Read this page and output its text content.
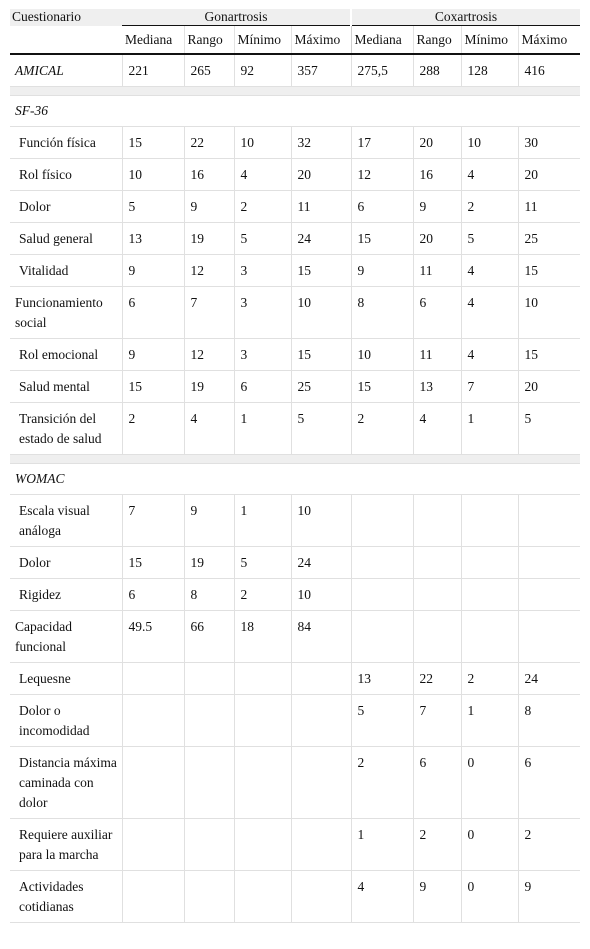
Cuestionario	Gonartrosis				Coxartrosis			
	Mediana	Rango	Mínimo	Máximo	Mediana	Rango	Mínimo	Máximo
AMICAL	221	265	92	357	275,5	288	128	416

SF-36								
Función física	15	22	10	32	17	20	10	30
Rol físico	10	16	4	20	12	16	4	20
Dolor	5	9	2	11	6	9	2	11
Salud general	13	19	5	24	15	20	5	25
Vitalidad	9	12	3	15	9	11	4	15
Funcionamiento social	6	7	3	10	8	6	4	10
Rol emocional	9	12	3	15	10	11	4	15
Salud mental	15	19	6	25	15	13	7	20
Transición del estado de salud	2	4	1	5	2	4	1	5

WOMAC								
Escala visual análoga	7	9	1	10				
Dolor	15	19	5	24				
Rigidez	6	8	2	10				
Capacidad funcional	49.5	66	18	84				
Lequesne					13	22	2	24
Dolor o incomodidad					5	7	1	8
Distancia máxima caminada con dolor					2	6	0	6
Requiere auxiliar para la marcha					1	2	0	2
Actividades cotidianas					4	9	0	9
